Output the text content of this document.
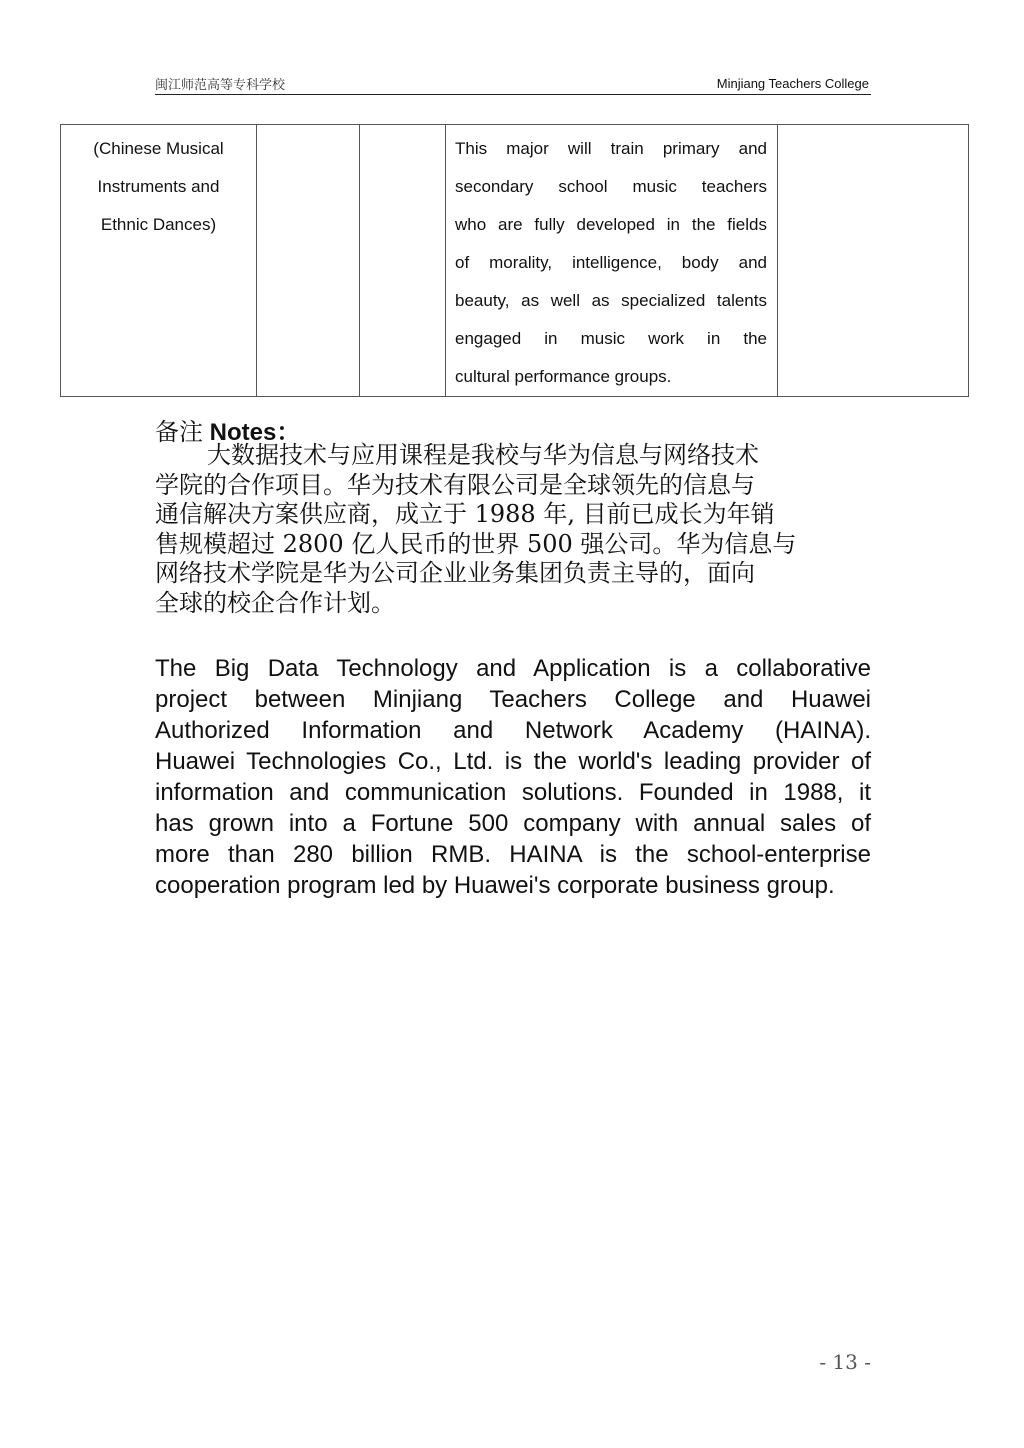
闽江师范高等专科学校	Minjiang Teachers College
(Chinese Musical
Instruments and
Ethnic Dances)

This major will train primary and
secondary school music teachers
who are fully developed in the fields
of morality, intelligence, body and
beauty, as well as specialized talents
engaged in music work in the
cultural performance groups.

备注 Notes：
大数据技术与应用课程是我校与华为信息与网络技术
学院的合作项目。华为技术有限公司是全球领先的信息与
通信解决方案供应商，成立于 1988 年, 目前已成长为年销
售规模超过 2800 亿人民币的世界 500 强公司。华为信息与
网络技术学院是华为公司企业业务集团负责主导的，面向
全球的校企合作计划。
The Big Data Technology and Application is a collaborative
project between Minjiang Teachers College and Huawei
Authorized Information and Network Academy (HAINA).
Huawei Technologies Co., Ltd. is the world's leading provider of
information and communication solutions. Founded in 1988, it
has grown into a Fortune 500 company with annual sales of
more than 280 billion RMB. HAINA is the school-enterprise
cooperation program led by Huawei's corporate business group.
- 13 -
